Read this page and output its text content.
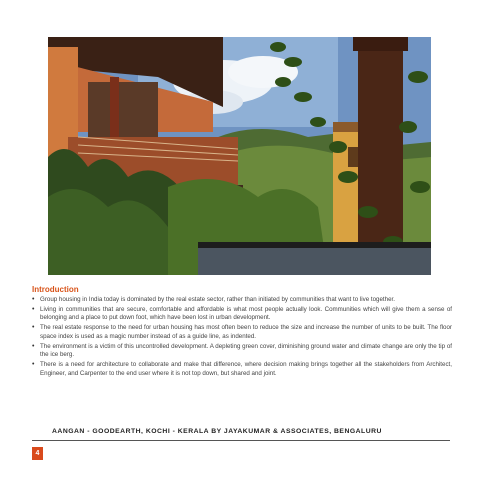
Introduction
• Group housing in India today is dominated by the real estate sector, rather than initiated by communities that want to live together.
• Living in communities that are secure, comfortable and affordable is what most people actually look. Communities which will give them a sense of belonging and a place to put down foot, which have been lost in urban development.
• The real estate response to the need for urban housing has most often been to reduce the size and increase the number of units to be built. The floor space index is used as a magic number instead of as a guide line, as indented.
• The environment is a victim of this uncontrolled development. A depleting green cover, diminishing ground water and climate change are only the tip of the ice berg.
• There is a need for architecture to collaborate and make that difference, where decision making brings together all the stakeholders from Architect, Engineer, and Carpenter to the end user where it is not top down, but shared and joint.
AANGAN - GOODEARTH, KOCHI - KERALA BY JAYAKUMAR & ASSOCIATES, BENGALURU
4
